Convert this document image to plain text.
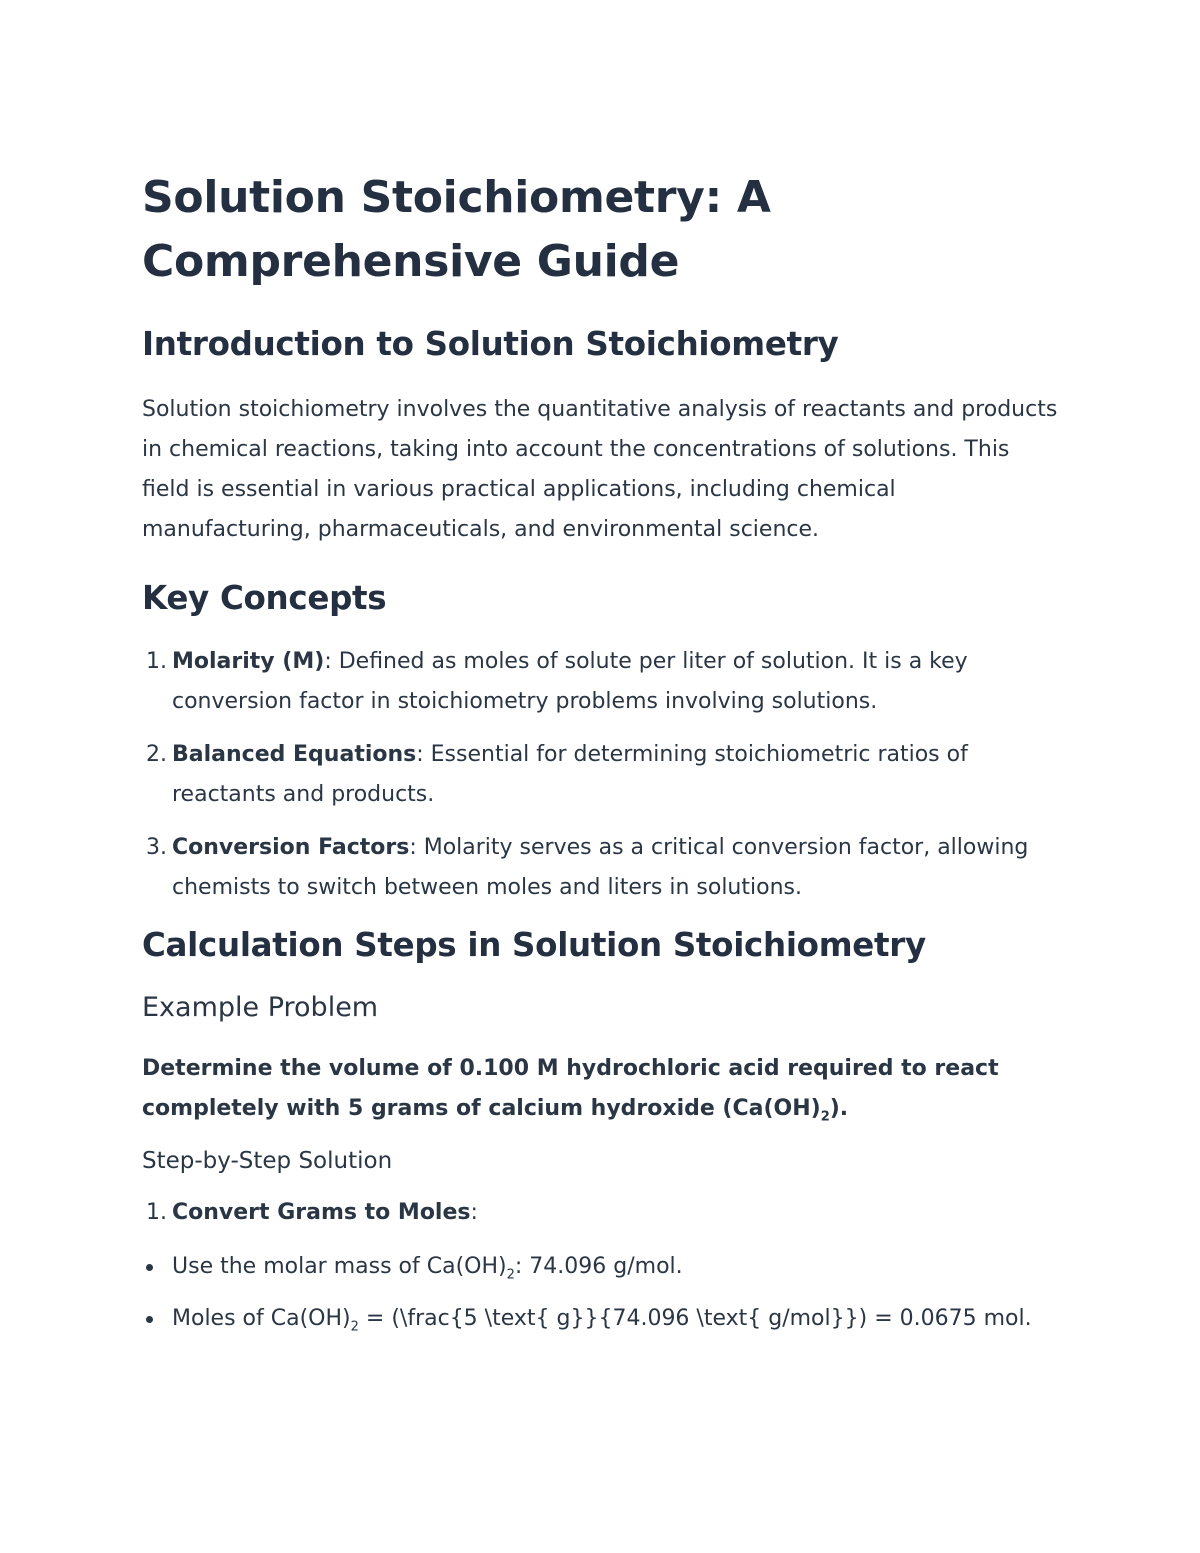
Solution Stoichiometry: A Comprehensive Guide
Introduction to Solution Stoichiometry

Solution stoichiometry involves the quantitative analysis of reactants and products in chemical reactions, taking into account the concentrations of solutions. This field is essential in various practical applications, including chemical manufacturing, pharmaceuticals, and environmental science.

Key Concepts
1. Molarity (M): Defined as moles of solute per liter of solution. It is a key conversion factor in stoichiometry problems involving solutions.
2. Balanced Equations: Essential for determining stoichiometric ratios of reactants and products.
3. Conversion Factors: Molarity serves as a critical conversion factor, allowing chemists to switch between moles and liters in solutions.
Calculation Steps in Solution Stoichiometry
Example Problem

Determine the volume of 0.100 M hydrochloric acid required to react completely with 5 grams of calcium hydroxide $(Ca(OH)_2)$.

Step-by-Step Solution

1. Convert Grams to Moles:
Use the molar mass of $Ca(OH)_2$: 74.096 g/mol.
Moles of $Ca(OH)_2$ = (\frac{5 \text{ g}}{74.096 \text{ g/mol}}) = 0.0675 mol.
